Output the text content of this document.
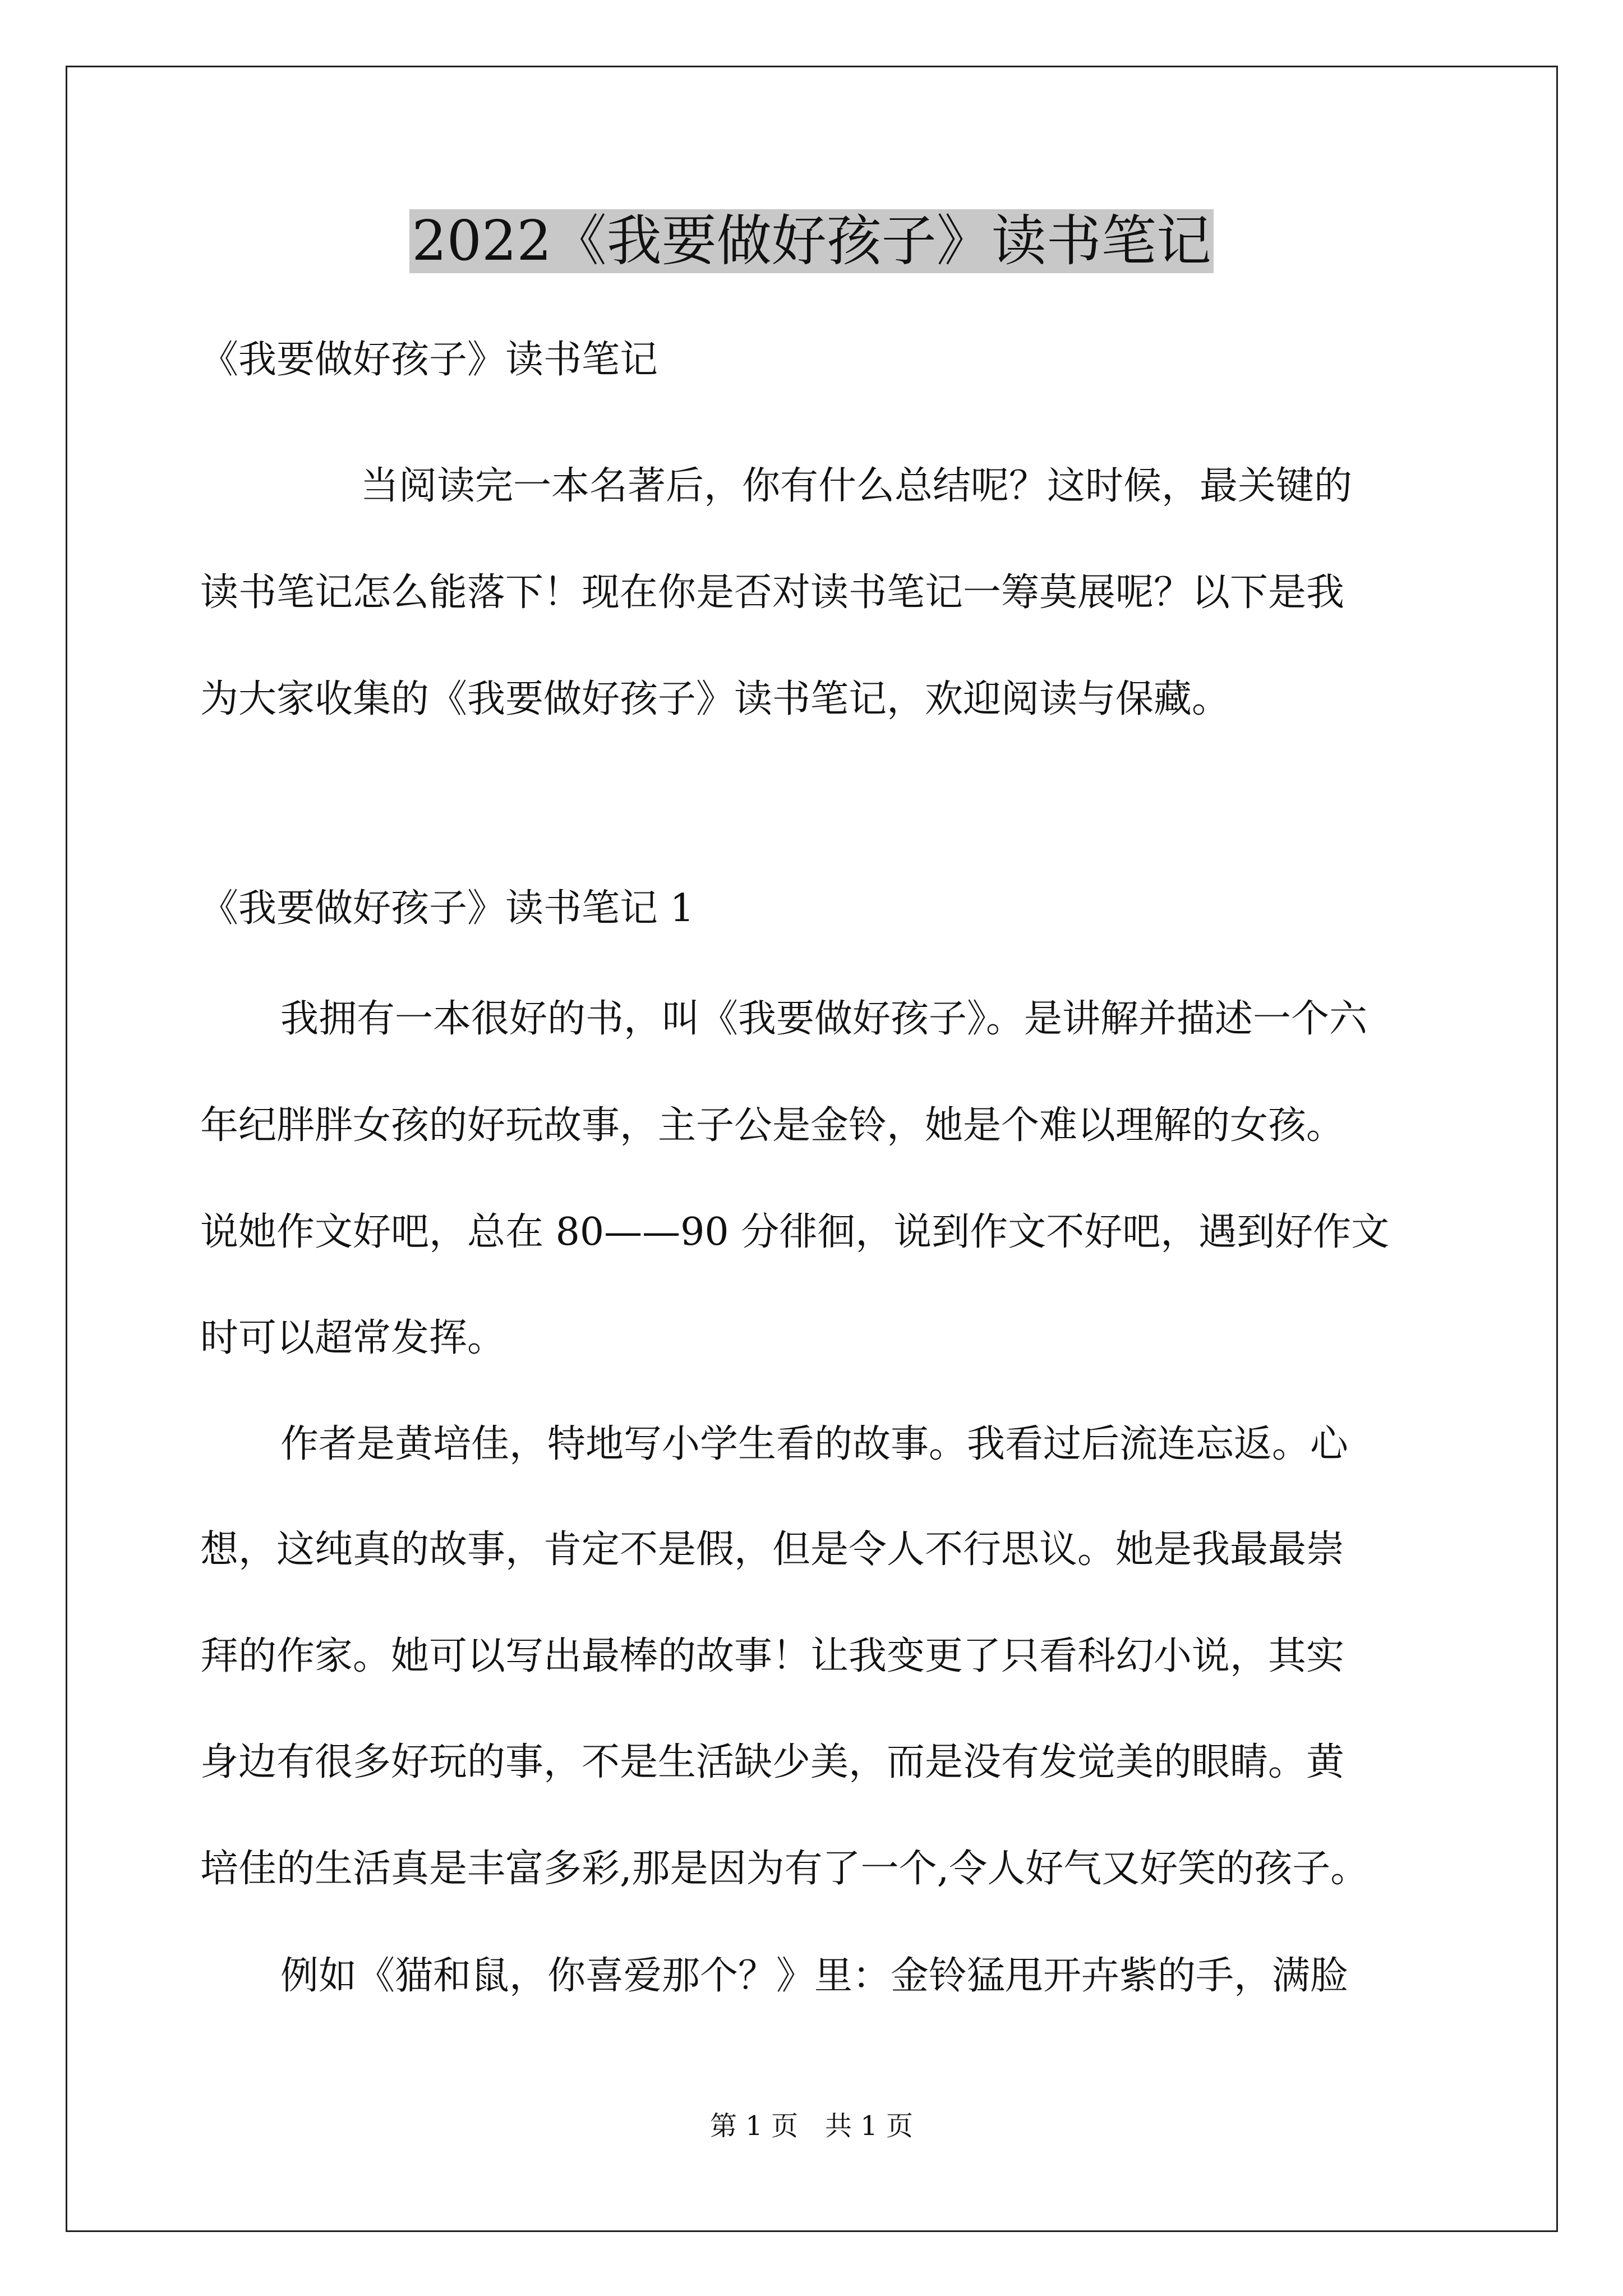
2022《我要做好孩子》读书笔记
《我要做好孩子》读书笔记
当阅读完一本名著后，你有什么总结呢？这时候，最关键的
读书笔记怎么能落下！现在你是否对读书笔记一筹莫展呢？以下是我
为大家收集的《我要做好孩子》读书笔记，欢迎阅读与保藏。
《我要做好孩子》读书笔记 1
我拥有一本很好的书，叫《我要做好孩子》。是讲解并描述一个六
年纪胖胖女孩的好玩故事，主子公是金铃，她是个难以理解的女孩。
说她作文好吧，总在 80——90 分徘徊，说到作文不好吧，遇到好作文
时可以超常发挥。
作者是黄培佳，特地写小学生看的故事。我看过后流连忘返。心
想，这纯真的故事，肯定不是假，但是令人不行思议。她是我最最崇
拜的作家。她可以写出最棒的故事！让我变更了只看科幻小说，其实
身边有很多好玩的事，不是生活缺少美，而是没有发觉美的眼睛。黄
培佳的生活真是丰富多彩,那是因为有了一个,令人好气又好笑的孩子。
例如《猫和鼠，你喜爱那个？》里：金铃猛甩开卉紫的手，满脸
第 1 页　共 1 页
